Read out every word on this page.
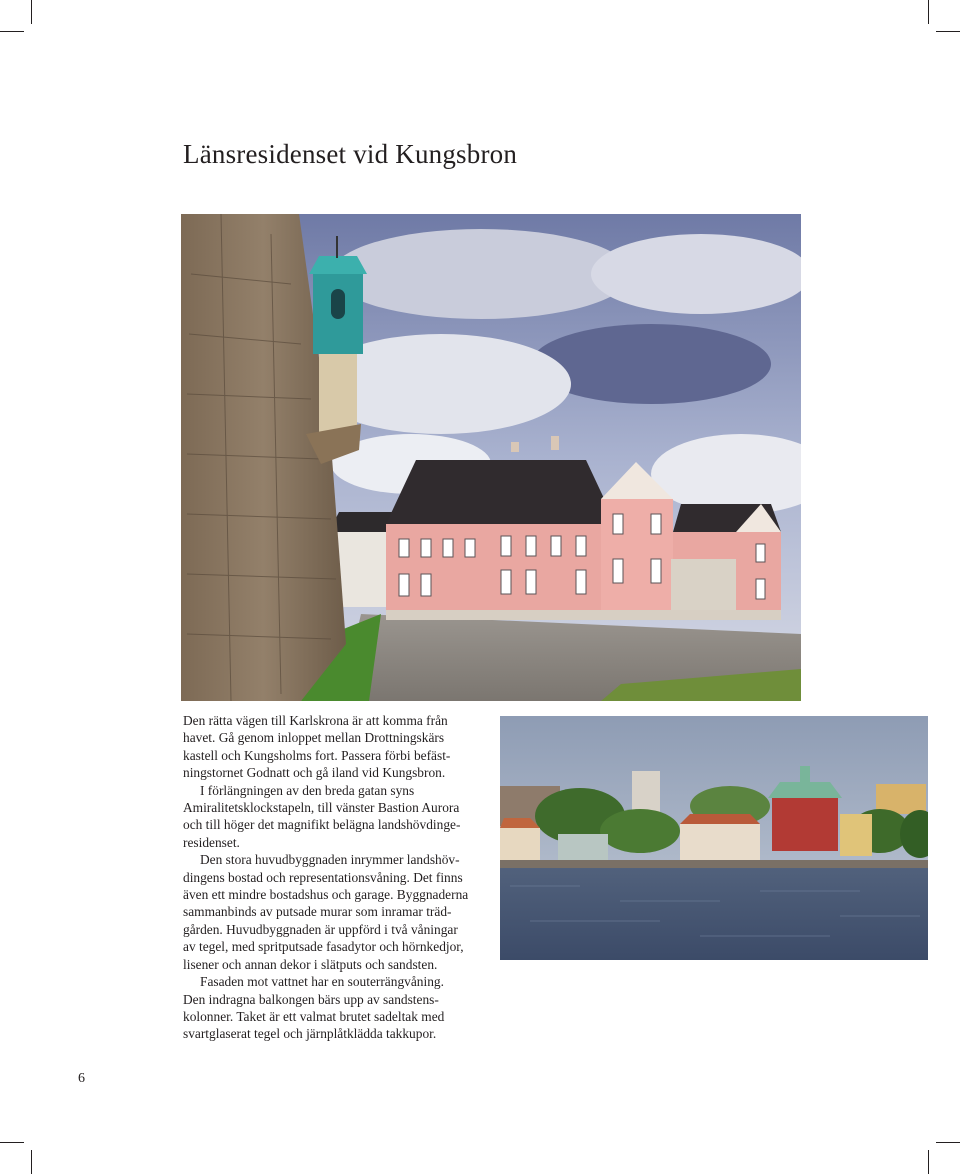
Länsresidenset vid Kungsbron
Den rätta vägen till Karlskrona är att komma från
havet. Gå genom inloppet mellan Drottningskärs
kastell och Kungsholms fort. Passera förbi befäst-
ningstornet Godnatt och gå iland vid Kungsbron.
I förlängningen av den breda gatan syns
Amiralitetsklockstapeln, till vänster Bastion Aurora
och till höger det magnifikt belägna landshövdinge-
residenset.
Den stora huvudbyggnaden inrymmer landshöv-
dingens bostad och representationsvåning. Det finns
även ett mindre bostadshus och garage. Byggnaderna
sammanbinds av putsade murar som inramar träd-
gården. Huvudbyggnaden är uppförd i två våningar
av tegel, med spritputsade fasadytor och hörnkedjor,
lisener och annan dekor i slätputs och sandsten.
Fasaden mot vattnet har en souterrängvåning.
Den indragna balkongen bärs upp av sandstens-
kolonner. Taket är ett valmat brutet sadeltak med
svartglaserat tegel och järnplåtklädda takkupor.
6
